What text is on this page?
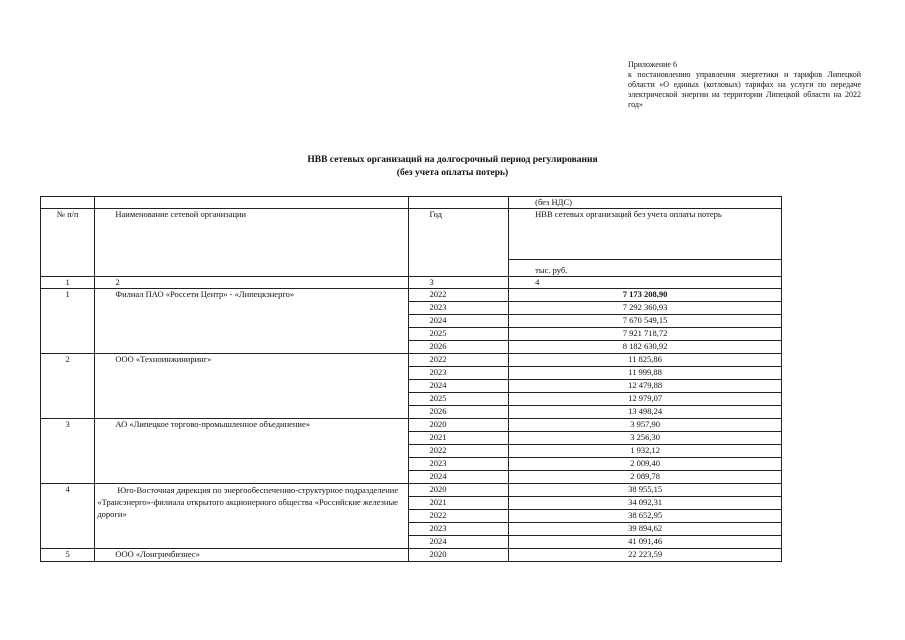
Приложение 6
к постановлению управления энергетики и тарифов Липецкой области «О единых (котловых) тарифах на услуги по передаче электрической энергии на территории Липецкой области на 2022 год»
НВВ сетевых организаций на долгосрочный период регулирования
(без учета оплаты потерь)
			(без НДС)
№ п/п	Наименование сетевой организации	Год	НВВ сетевых организаций без учета оплаты потерь
			тыс. руб.
1	2	3	4
1	Филиал ПАО «Россети Центр» - «Липецкэнерго»	2022	7 173 208,90
		2023	7 292 360,93
		2024	7 670 549,15
		2025	7 921 718,72
		2026	8 182 630,92
2	ООО «Техноинжиниринг»	2022	11 825,86
		2023	11 999,88
		2024	12 479,88
		2025	12 979,07
		2026	13 498,24
3	АО «Липецкое торгово-промышленное объединение»	2020	3 957,90
		2021	3 256,30
		2022	1 932,12
		2023	2 009,40
		2024	2 089,78
4	Юго-Восточная дирекция по энергообеспечению-структурное подразделение «Трансэнерго»-филиала открытого акционерного общества «Российские железные дороги»	2020	38 955,15
		2021	34 092,31
		2022	38 652,95
		2023	39 894,62
		2024	41 091,46
5	ООО «Лонгричбизнес»	2020	22 223,59
